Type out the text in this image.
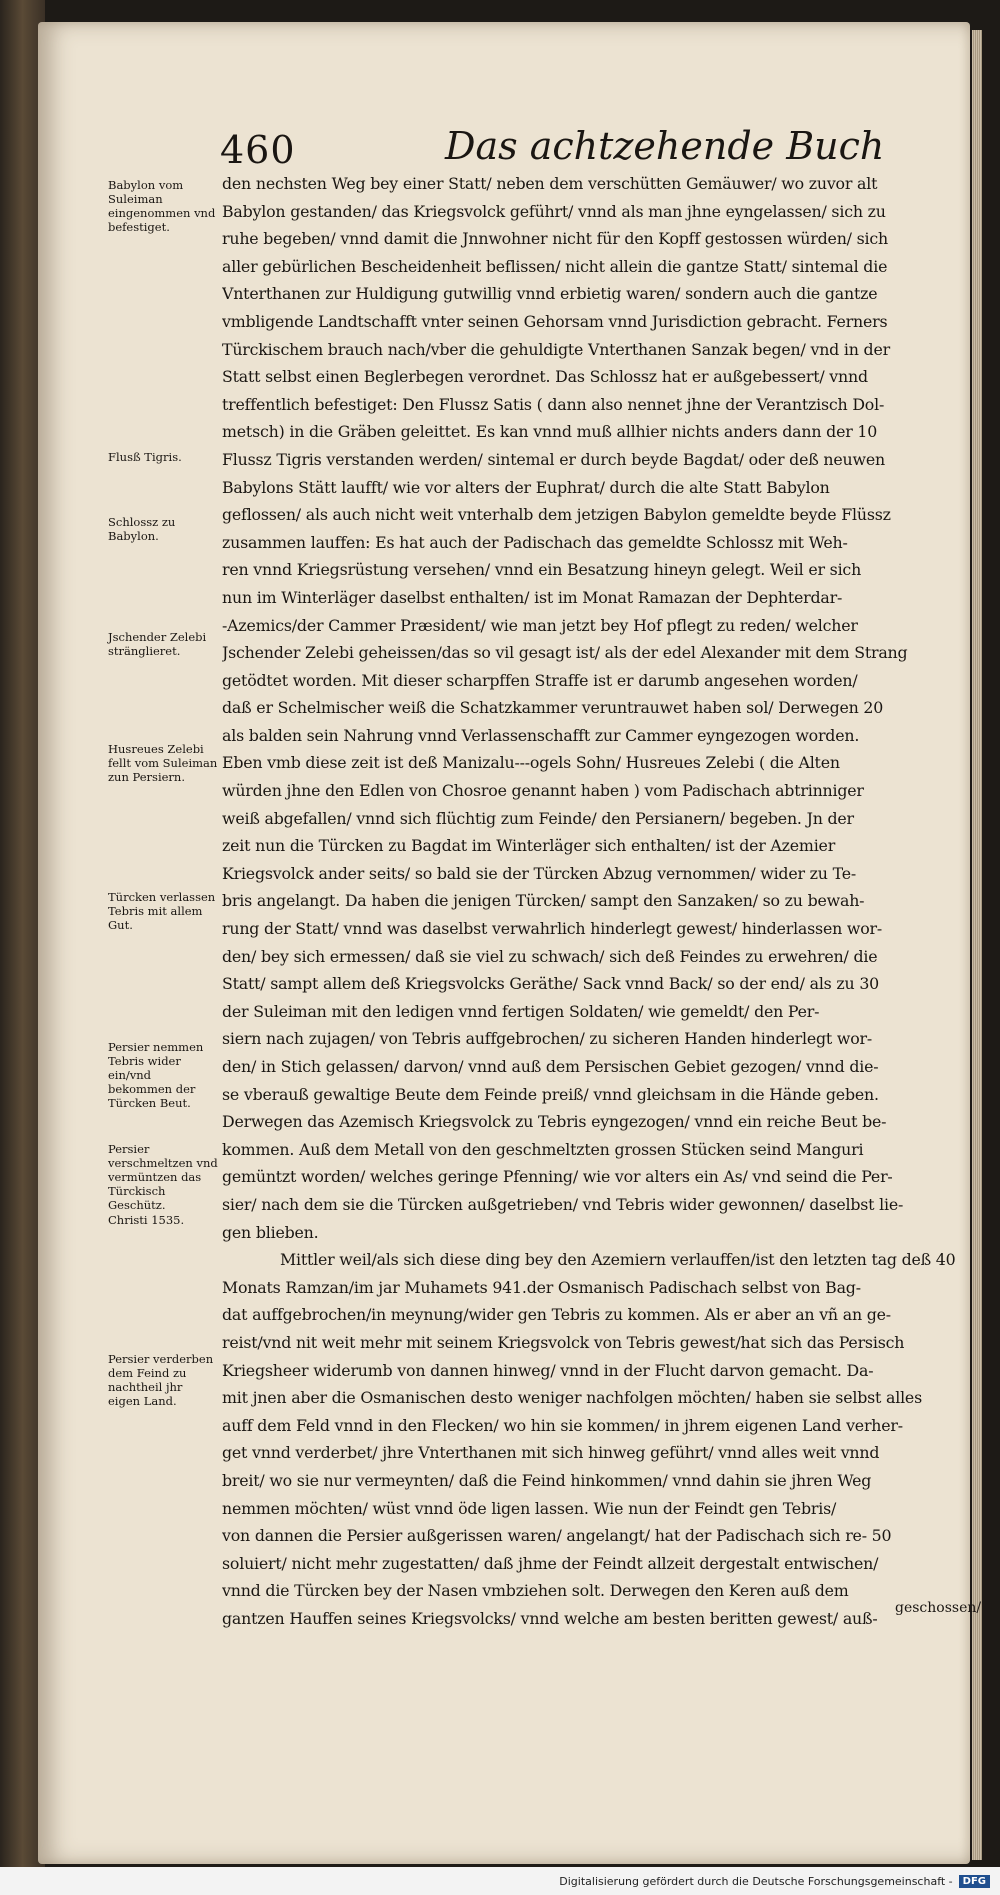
460	Das achtzehende Buch
Babylon vom Suleiman eingenommen vnd befestiget.
Flusß Tigris.
Schlossz zu Babylon.
Jschender Zelebi stränglieret.
Husreues Zelebi fellt vom Suleiman zun Persiern.
Türcken verlassen Tebris mit allem Gut.
Persier nemmen Tebris wider ein/vnd bekommen der Türcken Beut.
Persier verschmeltzen vnd vermüntzen das Türckisch Geschütz.
Christi 1535.
Persier verderben dem Feind zu nachtheil jhr eigen Land.
den nechsten Weg bey einer Statt/ neben dem verschütten Gemäuwer/ wo zuvor alt
Babylon gestanden/ das Kriegsvolck geführt/ vnnd als man jhne eyngelassen/ sich zu
ruhe begeben/ vnnd damit die Jnnwohner nicht für den Kopff gestossen würden/ sich
aller gebürlichen Bescheidenheit beflissen/ nicht allein die gantze Statt/ sintemal die
Vnterthanen zur Huldigung gutwillig vnnd erbietig waren/ sondern auch die gantze
vmbligende Landtschafft vnter seinen Gehorsam vnnd Jurisdiction gebracht. Ferners
Türckischem brauch nach/vber die gehuldigte Vnterthanen Sanzak begen/ vnd in der
Statt selbst einen Beglerbegen verordnet. Das Schlossz hat er außgebessert/ vnnd
treffentlich befestiget: Den Flussz Satis ( dann also nennet jhne der Verantzisch Dol-
metsch) in die Gräben geleittet. Es kan vnnd muß allhier nichts anders dann der 10
Flussz Tigris verstanden werden/ sintemal er durch beyde Bagdat/ oder deß neuwen
Babylons Stätt laufft/ wie vor alters der Euphrat/ durch die alte Statt Babylon
geflossen/ als auch nicht weit vnterhalb dem jetzigen Babylon gemeldte beyde Flüssz
zusammen lauffen: Es hat auch der Padischach das gemeldte Schlossz mit Weh-
ren vnnd Kriegsrüstung versehen/ vnnd ein Besatzung hineyn gelegt. Weil er sich
nun im Winterläger daselbst enthalten/ ist im Monat Ramazan der Dephterdar-
-Azemics/der Cammer Præsident/ wie man jetzt bey Hof pflegt zu reden/ welcher
Jschender Zelebi geheissen/das so vil gesagt ist/ als der edel Alexander mit dem Strang
getödtet worden. Mit dieser scharpffen Straffe ist er darumb angesehen worden/
daß er Schelmischer weiß die Schatzkammer veruntrauwet haben sol/ Derwegen 20
als balden sein Nahrung vnnd Verlassenschafft zur Cammer eyngezogen worden.
Eben vmb diese zeit ist deß Manizalu---ogels Sohn/ Husreues Zelebi ( die Alten
würden jhne den Edlen von Chosroe genannt haben ) vom Padischach abtrinniger
weiß abgefallen/ vnnd sich flüchtig zum Feinde/ den Persianern/ begeben. Jn der
zeit nun die Türcken zu Bagdat im Winterläger sich enthalten/ ist der Azemier
Kriegsvolck ander seits/ so bald sie der Türcken Abzug vernommen/ wider zu Te-
bris angelangt. Da haben die jenigen Türcken/ sampt den Sanzaken/ so zu bewah-
rung der Statt/ vnnd was daselbst verwahrlich hinderlegt gewest/ hinderlassen wor-
den/ bey sich ermessen/ daß sie viel zu schwach/ sich deß Feindes zu erwehren/ die
Statt/ sampt allem deß Kriegsvolcks Geräthe/ Sack vnnd Back/ so der end/ als zu 30
der Suleiman mit den ledigen vnnd fertigen Soldaten/ wie gemeldt/ den Per-
siern nach zujagen/ von Tebris auffgebrochen/ zu sicheren Handen hinderlegt wor-
den/ in Stich gelassen/ darvon/ vnnd auß dem Persischen Gebiet gezogen/ vnnd die-
se vberauß gewaltige Beute dem Feinde preiß/ vnnd gleichsam in die Hände geben.
Derwegen das Azemisch Kriegsvolck zu Tebris eyngezogen/ vnnd ein reiche Beut be-
kommen. Auß dem Metall von den geschmeltzten grossen Stücken seind Manguri
gemüntzt worden/ welches geringe Pfenning/ wie vor alters ein As/ vnd seind die Per-
sier/ nach dem sie die Türcken außgetrieben/ vnd Tebris wider gewonnen/ daselbst lie-
gen blieben.
Mittler weil/als sich diese ding bey den Azemiern verlauffen/ist den letzten tag deß 40
Monats Ramzan/im jar Muhamets 941.der Osmanisch Padischach selbst von Bag-
dat auffgebrochen/in meynung/wider gen Tebris zu kommen. Als er aber an vñ an ge-
reist/vnd nit weit mehr mit seinem Kriegsvolck von Tebris gewest/hat sich das Persisch
Kriegsheer widerumb von dannen hinweg/ vnnd in der Flucht darvon gemacht. Da-
mit jnen aber die Osmanischen desto weniger nachfolgen möchten/ haben sie selbst alles
auff dem Feld vnnd in den Flecken/ wo hin sie kommen/ in jhrem eigenen Land verher-
get vnnd verderbet/ jhre Vnterthanen mit sich hinweg geführt/ vnnd alles weit vnnd
breit/ wo sie nur vermeynten/ daß die Feind hinkommen/ vnnd dahin sie jhren Weg
nemmen möchten/ wüst vnnd öde ligen lassen. Wie nun der Feindt gen Tebris/
von dannen die Persier außgerissen waren/ angelangt/ hat der Padischach sich re- 50
soluiert/ nicht mehr zugestatten/ daß jhme der Feindt allzeit dergestalt entwischen/
vnnd die Türcken bey der Nasen vmbziehen solt. Derwegen den Keren auß dem
gantzen Hauffen seines Kriegsvolcks/ vnnd welche am besten beritten gewest/ auß-
geschossen/
Digitalisierung gefördert durch die Deutsche Forschungsgemeinschaft -	DFG
